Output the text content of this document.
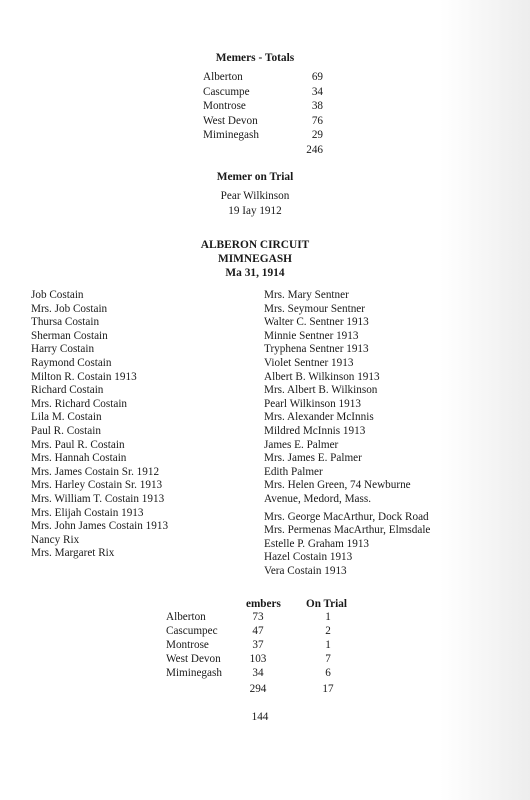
Memers - Totals
Alberton	69
Cascumpe	34
Montrose	38
West Devon	76
Miminegash	29
246
Memer on Trial
Pear Wilkinson
19 Iay 1912
ALBERON CIRCUIT
MIMNEGASH
Ma 31, 1914
Job Costain
Mrs. Job Costain
Thursa Costain
Sherman Costain
Harry Costain
Raymond Costain
Milton R. Costain 1913
Richard Costain
Mrs. Richard Costain
Lila M. Costain
Paul R. Costain
Mrs. Paul R. Costain
Mrs. Hannah Costain
Mrs. James Costain Sr. 1912
Mrs. Harley Costain Sr. 1913
Mrs. William T. Costain 1913
Mrs. Elijah Costain 1913
Mrs. John James Costain 1913
Nancy Rix
Mrs. Margaret Rix
Mrs. Mary Sentner
Mrs. Seymour Sentner
Walter C. Sentner 1913
Minnie Sentner 1913
Tryphena Sentner 1913
Violet Sentner 1913
Albert B. Wilkinson 1913
Mrs. Albert B. Wilkinson
Pearl Wilkinson 1913
Mrs. Alexander McInnis
Mildred McInnis 1913
James E. Palmer
Mrs. James E. Palmer
Edith Palmer
Mrs. Helen Green, 74 Newburne
Avenue, Medord, Mass.
Mrs. George MacArthur, Dock Road
Mrs. Permenas MacArthur, Elmsdale
Estelle P. Graham 1913
Hazel Costain 1913
Vera Costain 1913
embers On Trial
Alberton	73	1
Cascumpec	47	2
Montrose	37	1
West Devon	103	7
Miminegash	34	6
294	17
144
